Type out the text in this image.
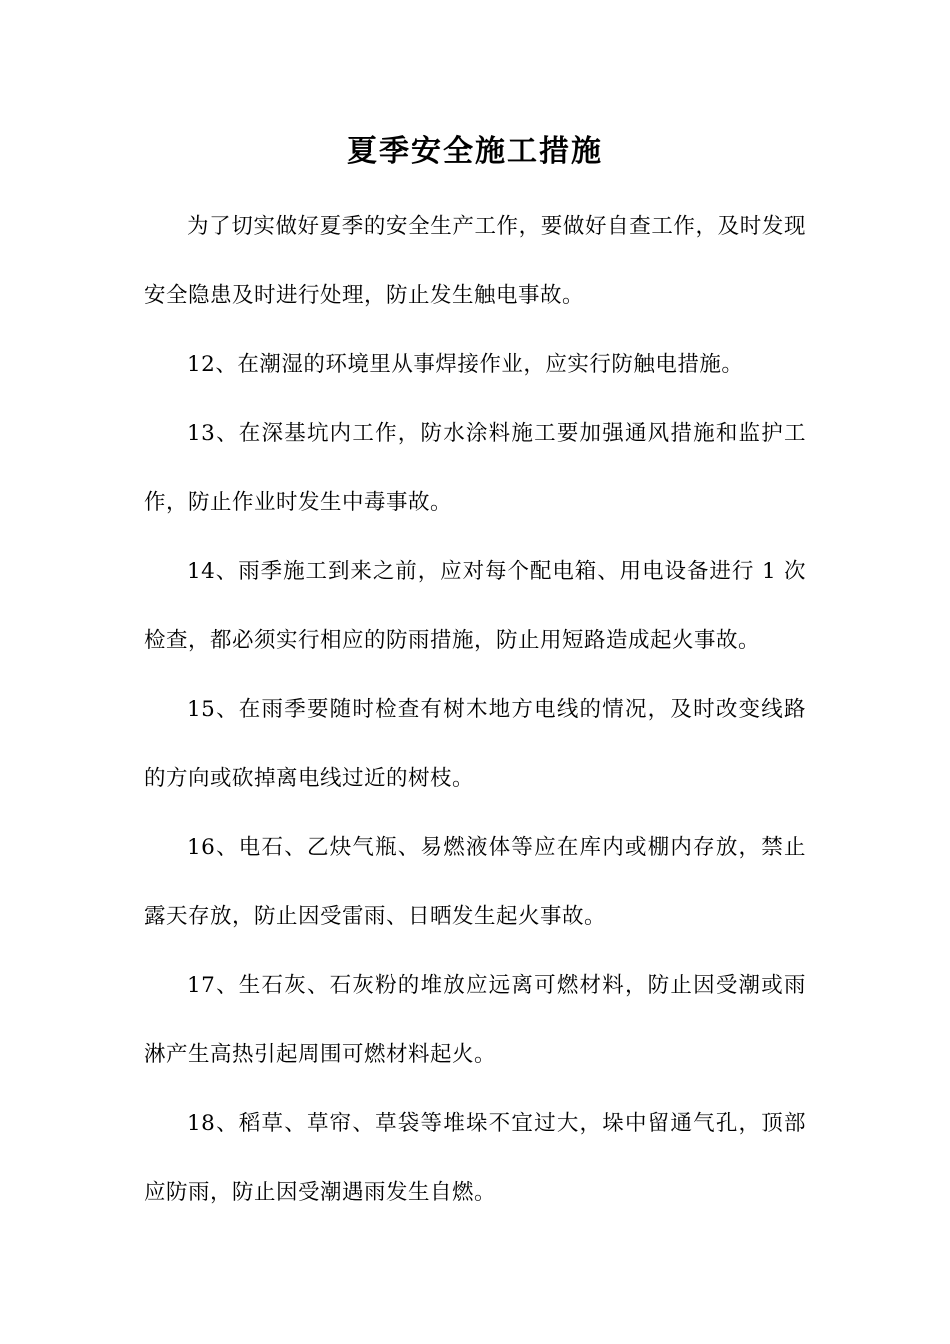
夏季安全施工措施

为了切实做好夏季的安全生产工作，要做好自查工作，及时发现安全隐患及时进行处理，防止发生触电事故。

12、在潮湿的环境里从事焊接作业，应实行防触电措施。

13、在深基坑内工作，防水涂料施工要加强通风措施和监护工作，防止作业时发生中毒事故。

14、雨季施工到来之前，应对每个配电箱、用电设备进行 1 次检查，都必须实行相应的防雨措施，防止用短路造成起火事故。

15、在雨季要随时检查有树木地方电线的情况，及时改变线路的方向或砍掉离电线过近的树枝。

16、电石、乙炔气瓶、易燃液体等应在库内或棚内存放，禁止露天存放，防止因受雷雨、日晒发生起火事故。

17、生石灰、石灰粉的堆放应远离可燃材料，防止因受潮或雨淋产生高热引起周围可燃材料起火。

18、稻草、草帘、草袋等堆垛不宜过大，垛中留通气孔，顶部应防雨，防止因受潮遇雨发生自燃。
